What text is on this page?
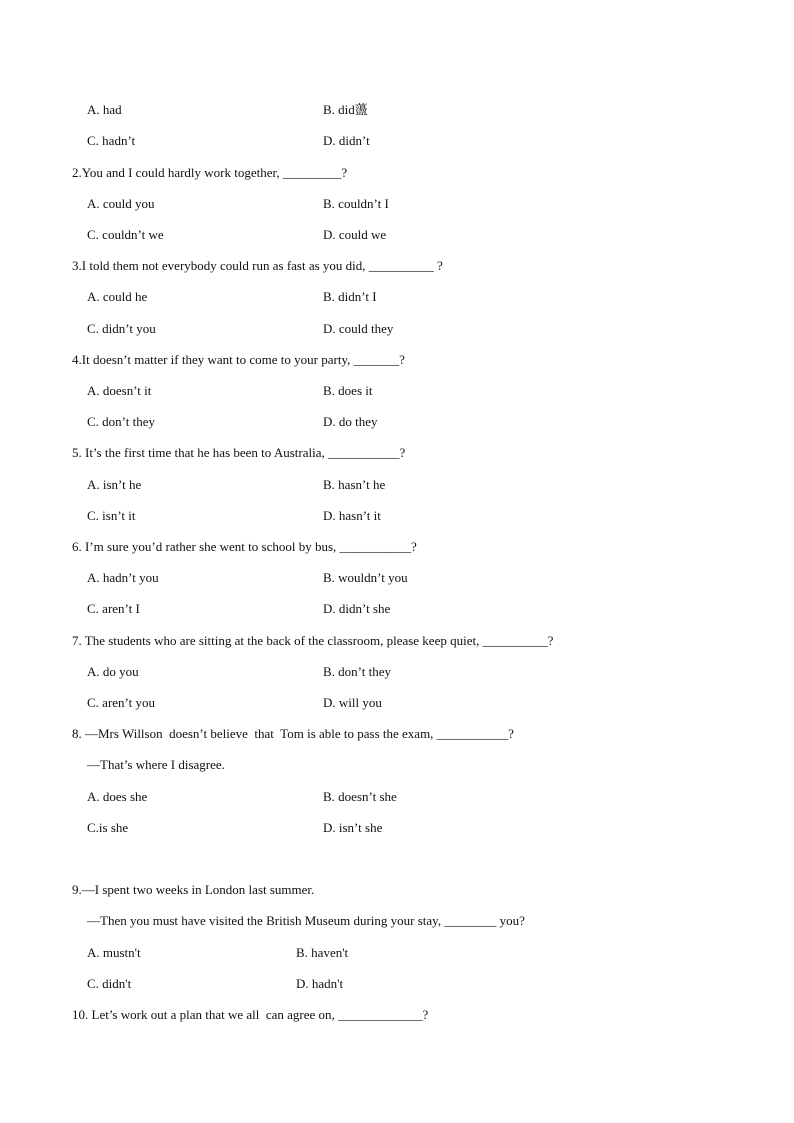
A. had	B. did蘯
C. hadn’t	D. didn’t
2.You and I could hardly work together, _________?
A. could you	B. couldn’t I
C. couldn’t we	D. could we
3.I told them not everybody could run as fast as you did, __________ ?
A. could he	B. didn’t I
C. didn’t you	D. could they
4.It doesn’t matter if they want to come to your party, _______?
A. doesn’t it	B. does it
C. don’t they	D. do they
5. It’s the first time that he has been to Australia, ___________?
A. isn’t he	B. hasn’t he
C. isn’t it	D. hasn’t it
6. I’m sure you’d rather she went to school by bus, ___________?
A. hadn’t you	B. wouldn’t you
C. aren’t I	D. didn’t she
7. The students who are sitting at the back of the classroom, please keep quiet, __________?
A. do you	B. don’t they
C. aren’t you	D. will you
8. —Mrs Willson  doesn’t believe  that  Tom is able to pass the exam, ___________?
—That’s where I disagree.
A. does she	B. doesn’t she
C.is she	D. isn’t she
9.—I spent two weeks in London last summer.
—Then you must have visited the British Museum during your stay, ________ you?
A. mustn't	B. haven't
C. didn't	D. hadn't
10. Let’s work out a plan that we all  can agree on, _____________?
